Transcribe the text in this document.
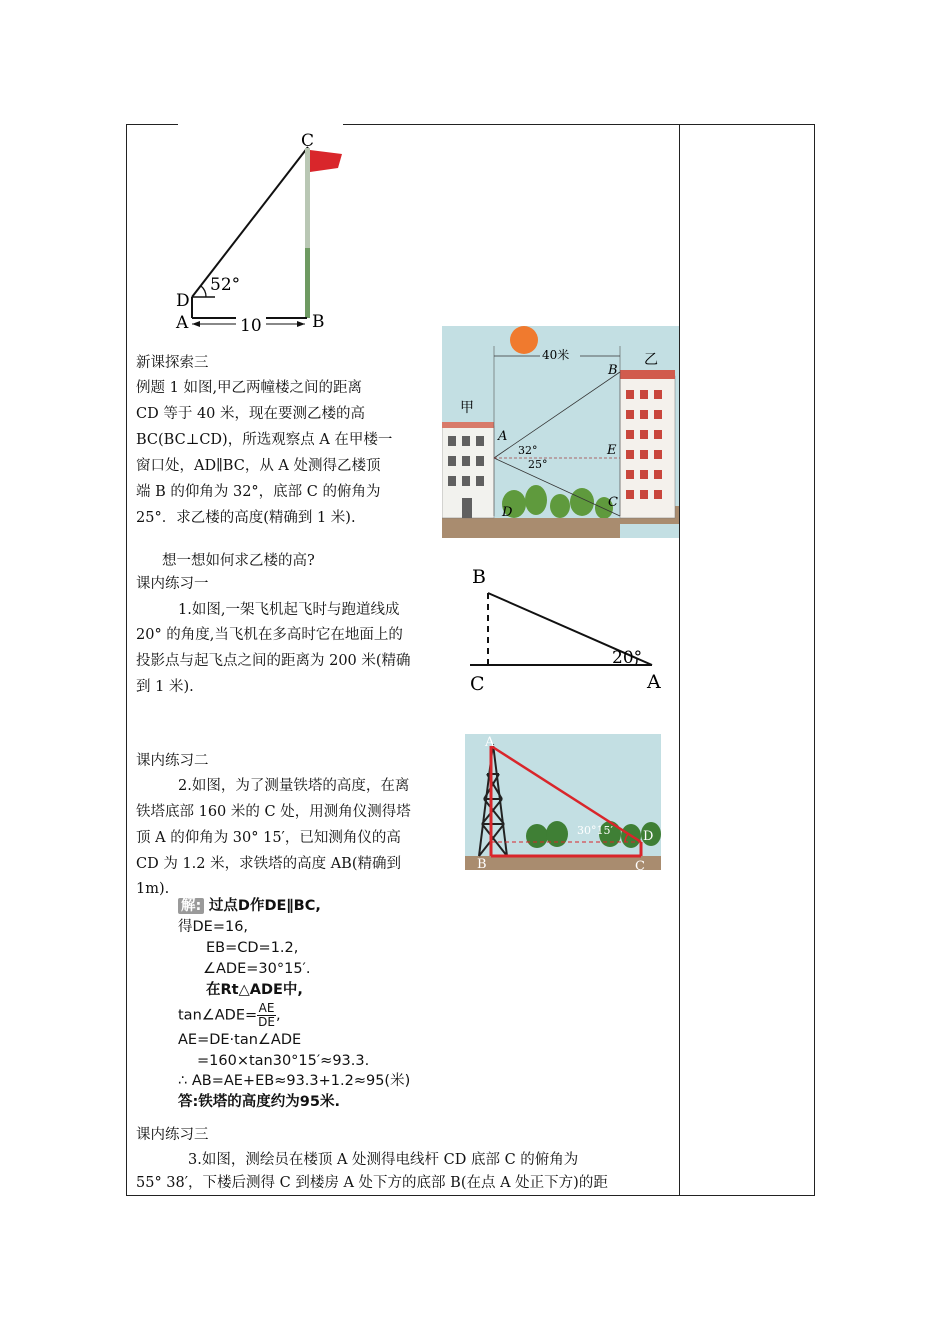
C
D
A	B
52°
10
新课探索三
例题 1 如图,甲乙两幢楼之间的距离
CD 等于 40 米，现在要测乙楼的高
BC(BC⊥CD)，所选观察点 A 在甲楼一
窗口处，AD∥BC，从 A 处测得乙楼顶
端 B 的仰角为 32°，底部 C 的俯角为
25°．求乙楼的高度(精确到 1 米).
想一想如何求乙楼的高?
40米
甲
乙
A
B
E
C
D
32°
25°
课内练习一
1.如图,一架飞机起飞时与跑道线成
20° 的角度,当飞机在多高时它在地面上的
投影点与起飞点之间的距离为 200 米(精确
到 1 米).
B
C	A
20°
课内练习二
2.如图，为了测量铁塔的高度，在离
铁塔底部 160 米的 C 处，用测角仪测得塔
顶 A 的仰角为 30° 15′，已知测角仪的高
CD 为 1.2 米，求铁塔的高度 AB(精确到
1m).
A
B	C
D
30°15′
解: 过点D作DE∥BC,
得DE=16,
EB=CD=1.2,
∠ADE=30°15′.
在Rt△ADE中,
tan∠ADE= $\frac{AE}{DE}$ ,
AE=DE·tan∠ADE
=160×tan30°15′≈93.3.
∴ AB=AE+EB≈93.3+1.2≈95(米)
答:铁塔的高度约为95米.
课内练习三
3.如图，测绘员在楼顶 A 处测得电线杆 CD 底部 C 的俯角为
55° 38′，下楼后测得 C 到楼房 A 处下方的底部 B(在点 A 处正下方)的距
